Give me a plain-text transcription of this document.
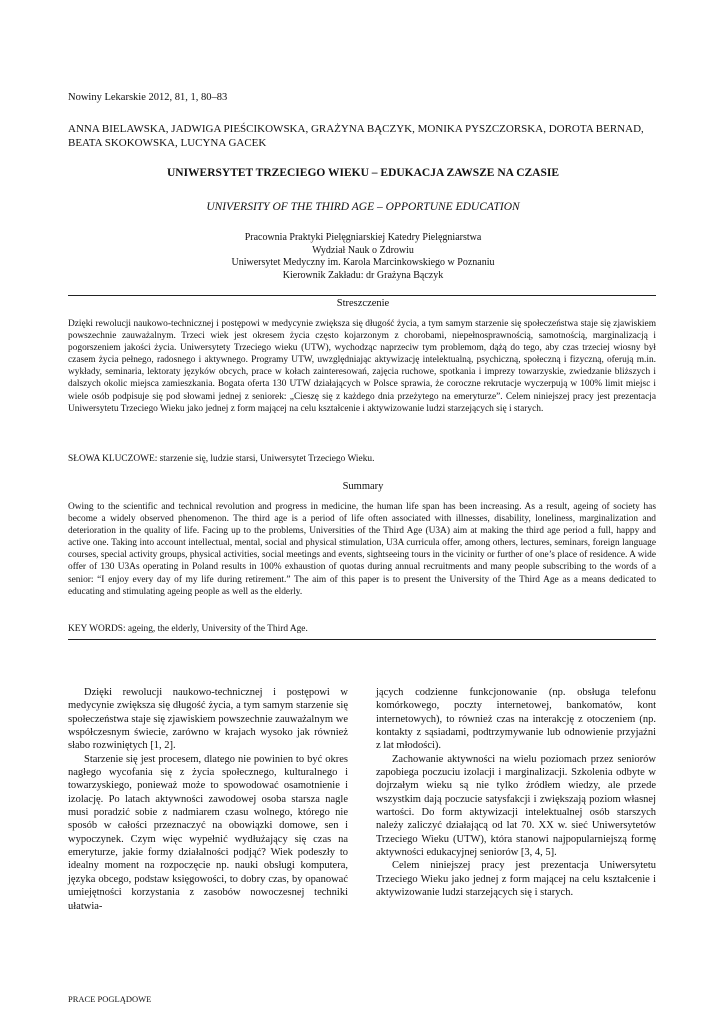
Nowiny Lekarskie 2012, 81, 1, 80–83
ANNA BIELAWSKA, JADWIGA PIEŚCIKOWSKA, GRAŻYNA BĄCZYK, MONIKA PYSZCZORSKA, DOROTA BERNAD, BEATA SKOKOWSKA, LUCYNA GACEK
UNIWERSYTET TRZECIEGO WIEKU – EDUKACJA ZAWSZE NA CZASIE
UNIVERSITY OF THE THIRD AGE – OPPORTUNE EDUCATION
Pracownia Praktyki Pielęgniarskiej Katedry Pielęgniarstwa
Wydział Nauk o Zdrowiu
Uniwersytet Medyczny im. Karola Marcinkowskiego w Poznaniu
Kierownik Zakładu: dr Grażyna Bączyk
Streszczenie
Dzięki rewolucji naukowo-technicznej i postępowi w medycynie zwiększa się długość życia, a tym samym starzenie się społeczeństwa staje się zjawiskiem powszechnie zauważalnym. Trzeci wiek jest okresem życia często kojarzonym z chorobami, niepełnosprawnością, samotnością, marginalizacją i pogorszeniem jakości życia. Uniwersytety Trzeciego wieku (UTW), wychodząc naprzeciw tym problemom, dążą do tego, aby czas trzeciej wiosny był czasem życia pełnego, radosnego i aktywnego. Programy UTW, uwzględniając aktywizację intelektualną, psychiczną, społeczną i fizyczną, oferują m.in. wykłady, seminaria, lektoraty języków obcych, prace w kołach zainteresowań, zajęcia ruchowe, spotkania i imprezy towarzyskie, zwiedzanie bliższych i dalszych okolic miejsca zamieszkania. Bogata oferta 130 UTW działających w Polsce sprawia, że coroczne rekrutacje wyczerpują w 100% limit miejsc i wiele osób podpisuje się pod słowami jednej z seniorek: „Cieszę się z każdego dnia przeżytego na emeryturze”. Celem niniejszej pracy jest prezentacja Uniwersytetu Trzeciego Wieku jako jednej z form mającej na celu kształcenie i aktywizowanie ludzi starzejących się i starych.
SŁOWA KLUCZOWE: starzenie się, ludzie starsi, Uniwersytet Trzeciego Wieku.
Summary
Owing to the scientific and technical revolution and progress in medicine, the human life span has been increasing. As a result, ageing of society has become a widely observed phenomenon. The third age is a period of life often associated with illnesses, disability, loneliness, marginalization and deterioration in the quality of life. Facing up to the problems, Universities of the Third Age (U3A) aim at making the third age period a full, happy and active one. Taking into account intellectual, mental, social and physical stimulation, U3A curricula offer, among others, lectures, seminars, foreign language courses, special activity groups, physical activities, social meetings and events, sightseeing tours in the vicinity or further of one’s place of residence. A wide offer of 130 U3As operating in Poland results in 100% exhaustion of quotas during annual recruitments and many people subscribing to the words of a senior: “I enjoy every day of my life during retirement.” The aim of this paper is to present the University of the Third Age as a means dedicated to educating and stimulating ageing people as well as the elderly.
KEY WORDS: ageing, the elderly, University of the Third Age.

Dzięki rewolucji naukowo-technicznej i postępowi w medycynie zwiększa się długość życia, a tym samym starzenie się społeczeństwa staje się zjawiskiem powszechnie zauważalnym we współczesnym świecie, zarówno w krajach wysoko jak również słabo rozwiniętych [1, 2].

Starzenie się jest procesem, dlatego nie powinien to być okres nagłego wycofania się z życia społecznego, kulturalnego i towarzyskiego, ponieważ może to spowodować osamotnienie i izolację. Po latach aktywności zawodowej osoba starsza nagle musi poradzić sobie z nadmiarem czasu wolnego, którego nie sposób w całości przeznaczyć na obowiązki domowe, sen i wypoczynek. Czym więc wypełnić wydłużający się czas na emeryturze, jakie formy działalności podjąć? Wiek podeszły to idealny moment na rozpoczęcie np. nauki obsługi komputera, języka obcego, podstaw księgowości, to dobry czas, by opanować umiejętności korzystania z zasobów nowoczesnej techniki ułatwia-

jących codzienne funkcjonowanie (np. obsługa telefonu komórkowego, poczty internetowej, bankomatów, kont internetowych), to również czas na interakcję z otoczeniem (np. kontakty z sąsiadami, podtrzymywanie lub odnowienie przyjaźni z lat młodości).

Zachowanie aktywności na wielu poziomach przez seniorów zapobiega poczuciu izolacji i marginalizacji. Szkolenia odbyte w dojrzałym wieku są nie tylko źródłem wiedzy, ale przede wszystkim dają poczucie satysfakcji i zwiększają poziom własnej wartości. Do form aktywizacji intelektualnej osób starszych należy zaliczyć działającą od lat 70. XX w. sieć Uniwersytetów Trzeciego Wieku (UTW), która stanowi najpopularniejszą formę aktywności edukacyjnej seniorów [3, 4, 5].

Celem niniejszej pracy jest prezentacja Uniwersytetu Trzeciego Wieku jako jednej z form mającej na celu kształcenie i aktywizowanie ludzi starzejących się i starych.

PRACE POGLĄDOWE
